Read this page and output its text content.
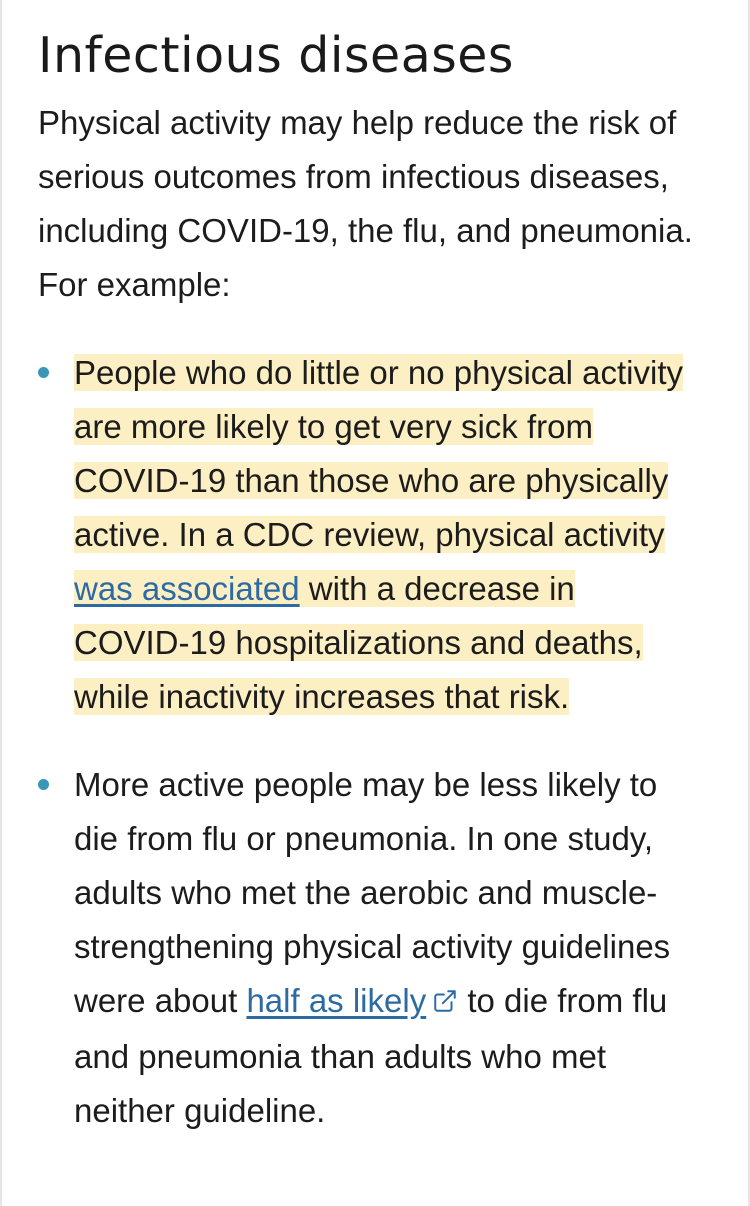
Infectious diseases

Physical activity may help reduce the risk of serious outcomes from infectious diseases, including COVID-19, the flu, and pneumonia. For example:

People who do little or no physical activity are more likely to get very sick from COVID-19 than those who are physically active. In a CDC review, physical activity was associated with a decrease in COVID-19 hospitalizations and deaths, while inactivity increases that risk.
More active people may be less likely to die from flu or pneumonia. In one study, adults who met the aerobic and muscle-strengthening physical activity guidelines were about half as likely to die from flu and pneumonia than adults who met neither guideline.
